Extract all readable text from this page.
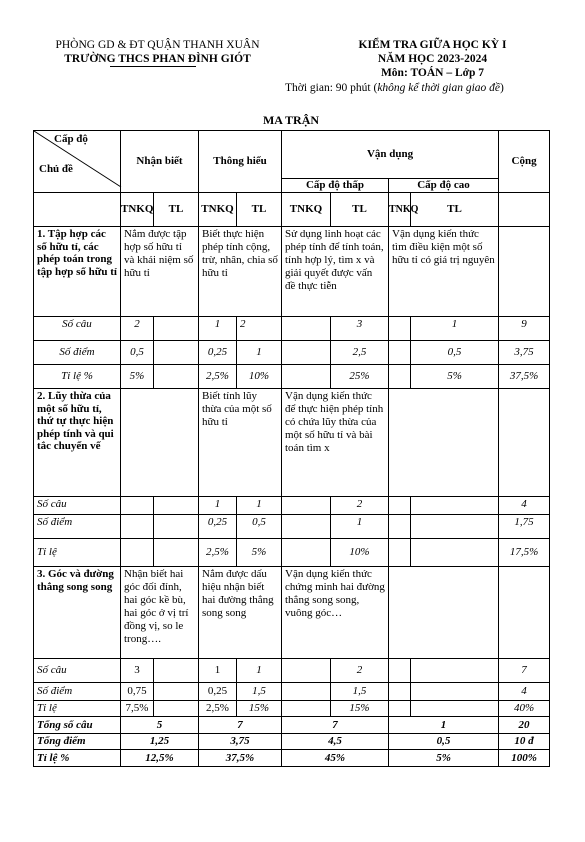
PHÒNG GD & ĐT QUẬN THANH XUÂN
TRƯỜNG THCS PHAN ĐÌNH GIÓT
KIỂM TRA GIỮA HỌC KỲ I
NĂM HỌC 2023-2024
Môn: TOÁN – Lớp 7
Thời gian: 90 phút (không kể thời gian giao đề)
MA TRẬN
Cấp độ
Chủ đề	Nhận biết		Thông hiểu		Vận dụng				Cộng
					Cấp độ thấp		Cấp độ cao		
	TNKQ	TL	TNKQ	TL	TNKQ	TL	TNKQ	TL	
1. Tập hợp các số hữu tỉ, các phép toán trong tập hợp số hữu tỉ	Nắm được tập hợp số hữu tỉ và khái niệm số hữu tỉ		Biết thực hiện phép tính cộng, trừ, nhân, chia số hữu tỉ		Sử dụng linh hoạt các phép tính để tính toán, tính hợp lý, tìm x và giải quyết được vấn đề thực tiễn		Vận dụng kiến thức tìm điều kiện một số hữu tỉ có giá trị nguyên		
Số câu	2		1	2		3		1	9
Số điểm	0,5		0,25	1		2,5		0,5	3,75
Tỉ lệ %	5%		2,5%	10%		25%		5%	37,5%
2. Lũy thừa của một số hữu tỉ, thứ tự thực hiện phép tính và qui tắc chuyển vế			Biết tính lũy thừa của một số hữu tỉ		Vận dụng kiến thức để thực hiện phép tính có chứa lũy thừa của một số hữu tỉ và bài toán tìm x				
Số câu			1	1		2			4
Số điểm			0,25	0,5		1			1,75
Tỉ lệ			2,5%	5%		10%			17,5%
3. Góc và đường thẳng song song	Nhận biết hai góc đối đỉnh, hai góc kề bù, hai góc ở vị trí đồng vị, so le trong….		Nắm được dấu hiệu nhận biết hai đường thẳng song song		Vận dụng kiến thức chứng minh hai đường thẳng song song, vuông góc…				
Số câu	3		1	1		2			7
Số điểm	0,75		0,25	1,5		1,5			4
Tỉ lệ	7,5%		2,5%	15%		15%			40%
Tổng số câu	5		7		7		1		20
Tổng điểm	1,25		3,75		4,5		0,5		10 đ
Tỉ lệ %	12,5%		37,5%		45%		5%		100%
